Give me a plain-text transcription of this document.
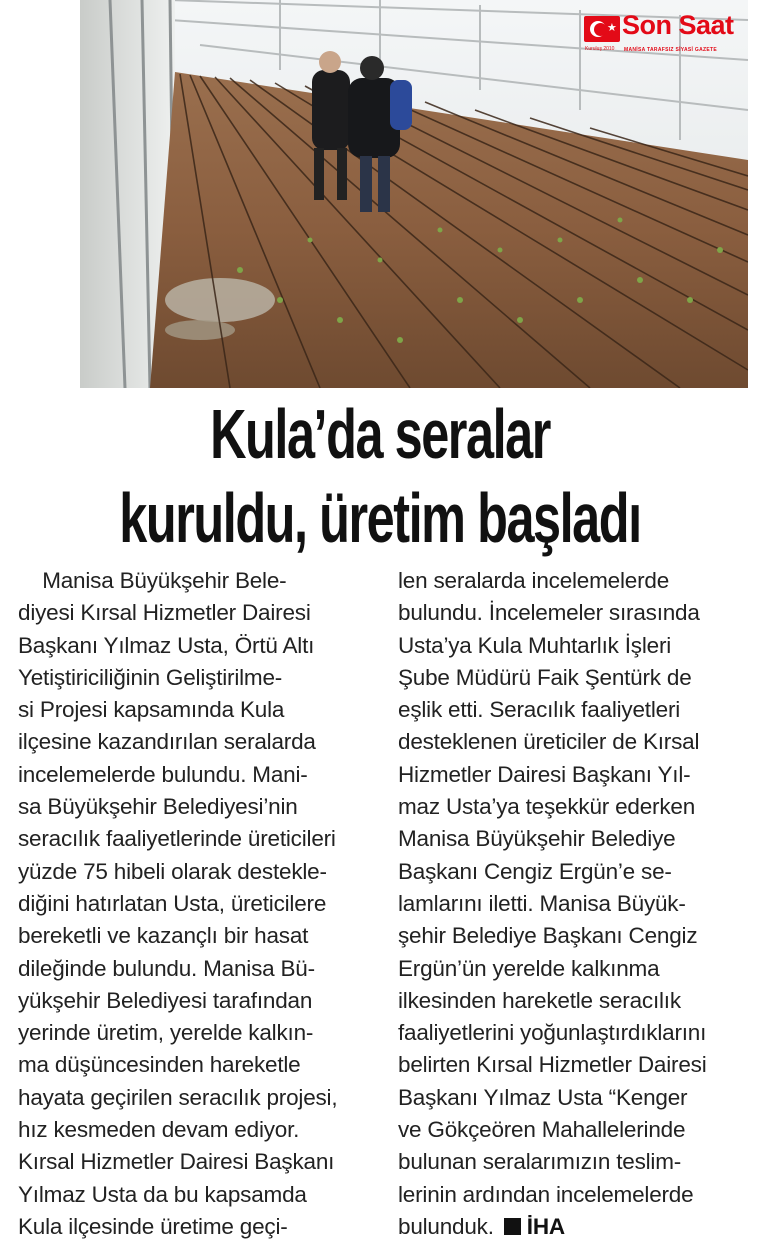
★ Son Saat
Kuruluş 2010 MANİSA TARAFSIZ SİYASİ GAZETE
Kula’da seralar
kuruldu, üretim başladı
Manisa Büyükşehir Bele-
diyesi Kırsal Hizmetler Dairesi
Başkanı Yılmaz Usta, Örtü Altı
Yetiştiriciliğinin Geliştirilme-
si Projesi kapsamında Kula
ilçesine kazandırılan seralarda
incelemelerde bulundu. Mani-
sa Büyükşehir Belediyesi’nin
seracılık faaliyetlerinde üreticileri
yüzde 75 hibeli olarak destekle-
diğini hatırlatan Usta, üreticilere
bereketli ve kazançlı bir hasat
dileğinde bulundu. Manisa Bü-
yükşehir Belediyesi tarafından
yerinde üretim, yerelde kalkın-
ma düşüncesinden hareketle
hayata geçirilen seracılık projesi,
hız kesmeden devam ediyor.
Kırsal Hizmetler Dairesi Başkanı
Yılmaz Usta da bu kapsamda
Kula ilçesinde üretime geçi-
len seralarda incelemelerde
bulundu. İncelemeler sırasında
Usta’ya Kula Muhtarlık İşleri
Şube Müdürü Faik Şentürk de
eşlik etti. Seracılık faaliyetleri
desteklenen üreticiler de Kırsal
Hizmetler Dairesi Başkanı Yıl-
maz Usta’ya teşekkür ederken
Manisa Büyükşehir Belediye
Başkanı Cengiz Ergün’e se-
lamlarını iletti. Manisa Büyük-
şehir Belediye Başkanı Cengiz
Ergün’ün yerelde kalkınma
ilkesinden hareketle seracılık
faaliyetlerini yoğunlaştırdıklarını
belirten Kırsal Hizmetler Dairesi
Başkanı Yılmaz Usta “Kenger
ve Gökçeören Mahallelerinde
bulunan seralarımızın teslim-
lerinin ardından incelemelerde
bulunduk. İHA
